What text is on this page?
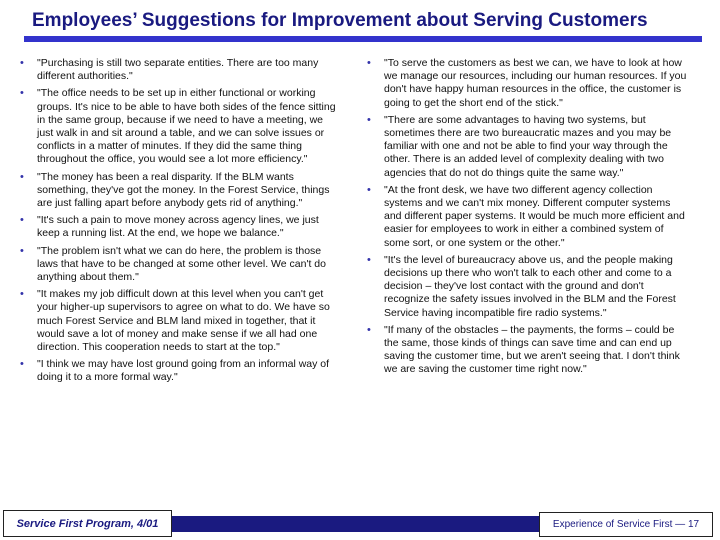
Employees’ Suggestions for Improvement about Serving Customers
• "Purchasing is still two separate entities. There are too many different authorities."
• "The office needs to be set up in either functional or working groups. It's nice to be able to have both sides of the fence sitting in the same group, because if we need to have a meeting, we just walk in and sit around a table, and we can solve issues or conflicts in a matter of minutes. If they did the same thing throughout the office, you would see a lot more efficiency."
• "The money has been a real disparity. If the BLM wants something, they've got the money. In the Forest Service, things are just falling apart before anybody gets rid of anything."
• "It's such a pain to move money across agency lines, we just keep a running list. At the end, we hope we balance."
• "The problem isn't what we can do here, the problem is those laws that have to be changed at some other level. We can't do anything about them."
• "It makes my job difficult down at this level when you can't get your higher-up supervisors to agree on what to do. We have so much Forest Service and BLM land mixed in together, that it would save a lot of money and make sense if we all had one direction. This cooperation needs to start at the top."
• "I think we may have lost ground going from an informal way of doing it to a more formal way."
• "To serve the customers as best we can, we have to look at how we manage our resources, including our human resources. If you don't have happy human resources in the office, the customer is going to get the short end of the stick."
• "There are some advantages to having two systems, but sometimes there are two bureaucratic mazes and you may be familiar with one and not be able to find your way through the other. There is an added level of complexity dealing with two agencies that do not do things quite the same way."
• "At the front desk, we have two different agency collection systems and we can't mix money. Different computer systems and different paper systems. It would be much more efficient and easier for employees to work in either a combined system of some sort, or one system or the other."
• "It's the level of bureaucracy above us, and the people making decisions up there who won't talk to each other and come to a decision – they've lost contact with the ground and don't recognize the safety issues involved in the BLM and the Forest Service having incompatible fire radio systems."
• "If many of the obstacles – the payments, the forms – could be the same, those kinds of things can save time and can end up saving the customer time, but we aren't seeing that. I don't think we are saving the customer time right now."
Service First Program, 4/01	Experience of Service First — 17
